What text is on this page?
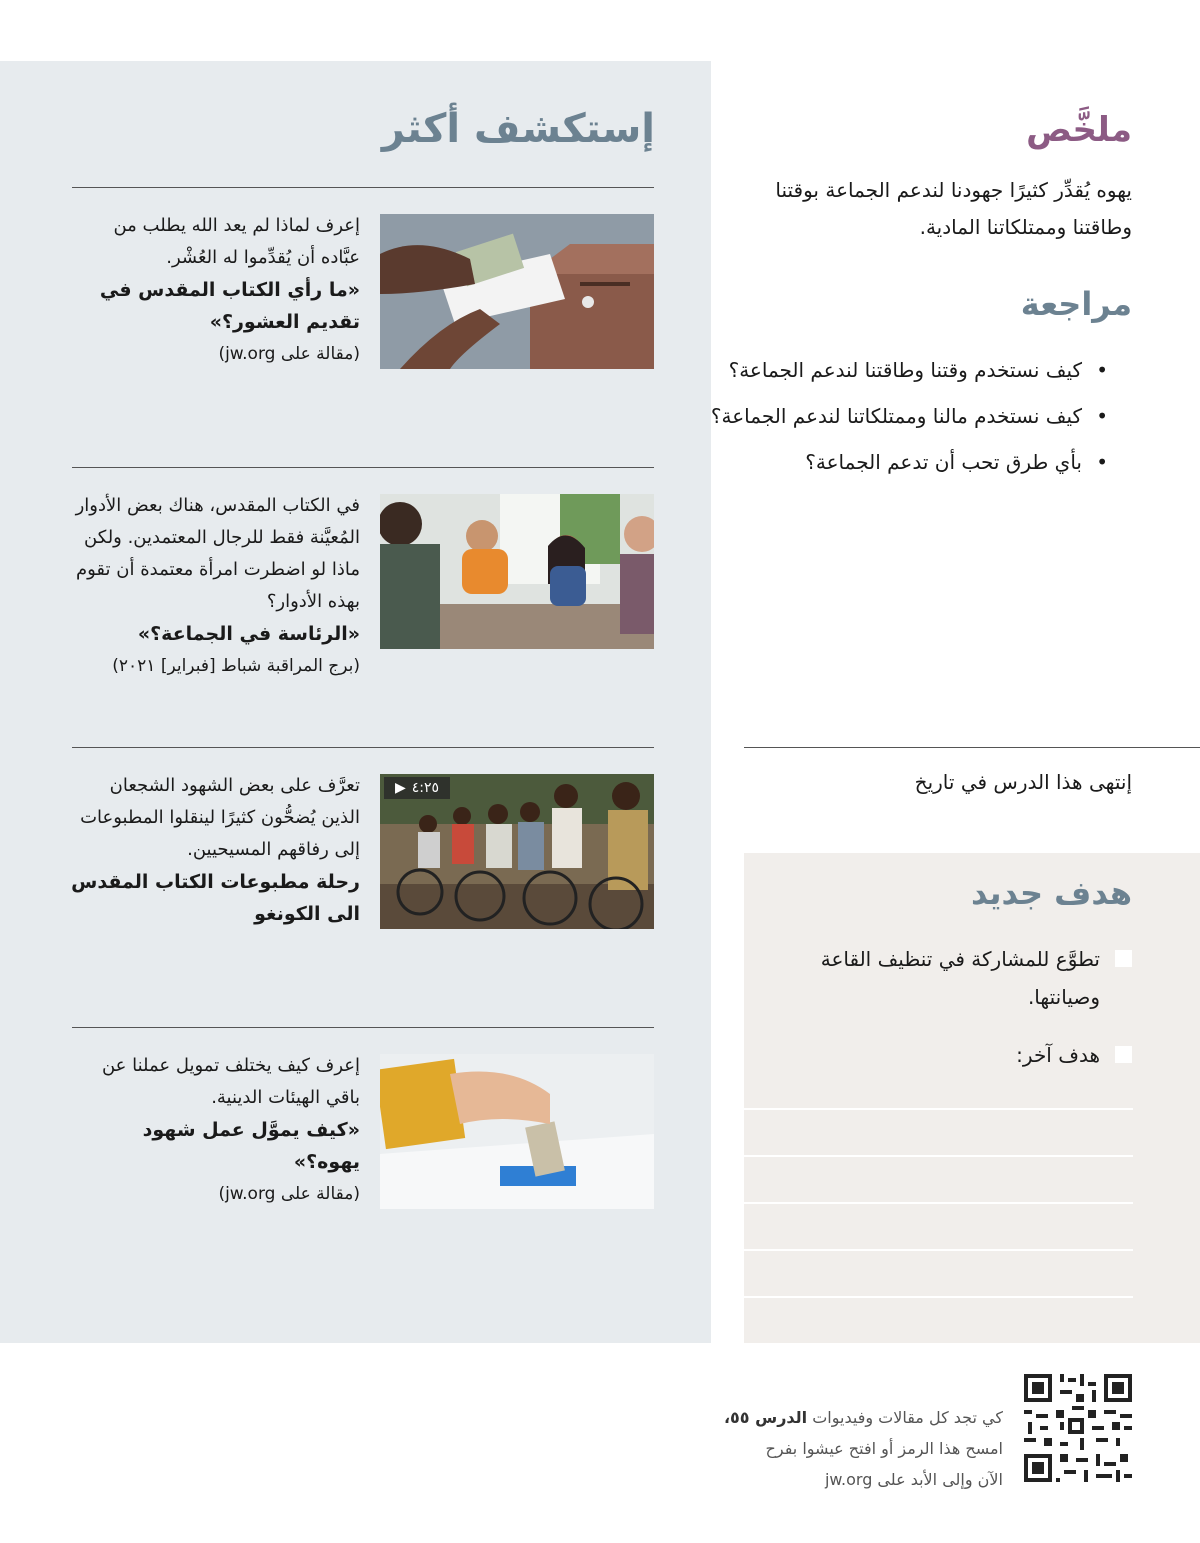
إستكشف أكثر
إعرف لماذا لم يعد الله يطلب من عبَّاده أن يُقدِّموا له العُشْر.
«ما رأي الكتاب المقدس في تقديم العشور؟»
(مقالة على jw.org)
في الكتاب المقدس، هناك بعض الأدوار المُعيَّنة فقط للرجال المعتمدين. ولكن ماذا لو اضطرت امرأة معتمدة أن تقوم بهذه الأدوار؟
«الرئاسة في الجماعة؟»
(برج المراقبة شباط [فبراير] ٢٠٢١)
▶ ٤:٢٥
تعرَّف على بعض الشهود الشجعان الذين يُضحُّون كثيرًا لينقلوا المطبوعات إلى رفاقهم المسيحيين.
رحلة مطبوعات الكتاب المقدس الى الكونغو
إعرف كيف يختلف تمويل عملنا عن باقي الهيئات الدينية.
«كيف يموَّل عمل شهود يهوه؟»
(مقالة على jw.org)
ملخَّص
يهوه يُقدِّر كثيرًا جهودنا لندعم الجماعة بوقتنا وطاقتنا وممتلكاتنا المادية.
مراجعة
• كيف نستخدم وقتنا وطاقتنا لندعم الجماعة؟
• كيف نستخدم مالنا وممتلكاتنا لندعم الجماعة؟
• بأي طرق تحب أن تدعم الجماعة؟
إنتهى هذا الدرس في تاريخ
هدف جديد
تطوَّع للمشاركة في تنظيف القاعة وصيانتها.
هدف آخر:
كي تجد كل مقالات وفيديوات الدرس ٥٥،
امسح هذا الرمز أو افتح عيشوا بفرح
الآن وإلى الأبد على jw.org
